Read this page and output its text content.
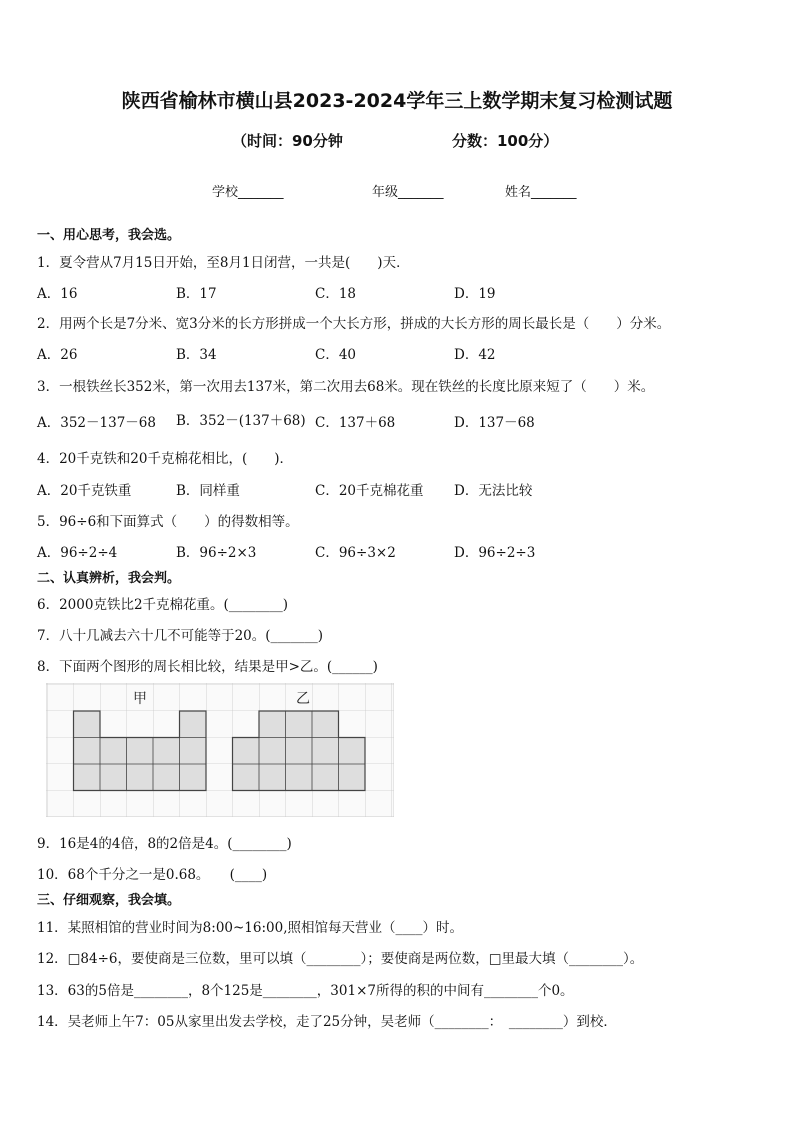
陕西省榆林市横山县2023-2024学年三上数学期末复习检测试题
（时间：90分钟	分数：100分）
学校_______	年级_______	姓名_______
一、用心思考，我会选。
1．夏令营从7月15日开始，至8月1日闭营，一共是(　　)天．
A．16	B．17	C．18	D．19
2．用两个长是7分米、宽3分米的长方形拼成一个大长方形，拼成的大长方形的周长最长是（　　）分米。
A．26	B．34	C．40	D．42
3．一根铁丝长352米，第一次用去137米，第二次用去68米。现在铁丝的长度比原来短了（　　）米。
A．352－137－68 B．352－(137＋68) C．137＋68	D．137－68
4．20千克铁和20千克棉花相比，(　　)．
A．20千克铁重	B．同样重	C．20千克棉花重 D．无法比较
5．96÷6和下面算式（　　）的得数相等。
A．96÷2÷4	B．96÷2×3	C．96÷3×2	D．96÷2÷3
二、认真辨析，我会判。
6．2000克铁比2千克棉花重。(________)
7．八十几减去六十几不可能等于20。(_______)
8．下面两个图形的周长相比较，结果是甲>乙。(______)
甲	乙
9．16是4的4倍，8的2倍是4。(________)
10．68个千分之一是0.68。　　(____)
三、仔细观察，我会填。
11．某照相馆的营业时间为8:00~16:00,照相馆每天营业（____）时。
12．□84÷6，要使商是三位数，里可以填（________）；要使商是两位数，□里最大填（________）。
13．63的5倍是________，8个125是________，301×7所得的积的中间有________个0。
14．吴老师上午7：05从家里出发去学校，走了25分钟，吴老师（________：　________）到校．
